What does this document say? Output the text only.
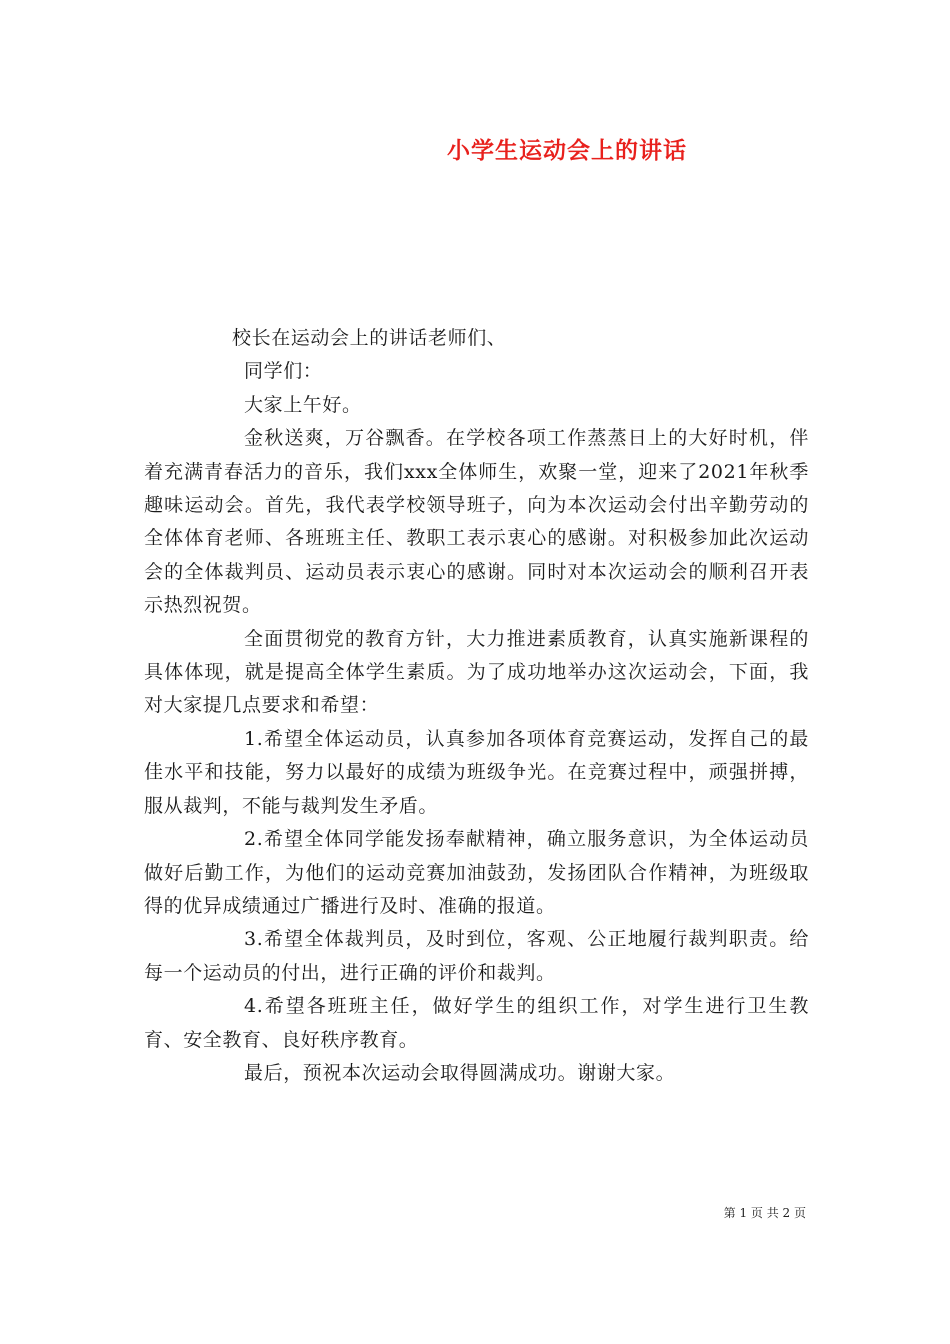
小学生运动会上的讲话

校长在运动会上的讲话老师们、

同学们：

大家上午好。

金秋送爽，万谷飘香。在学校各项工作蒸蒸日上的大好时机，伴着充满青春活力的音乐，我们xxx全体师生，欢聚一堂，迎来了2021年秋季趣味运动会。首先，我代表学校领导班子，向为本次运动会付出辛勤劳动的全体体育老师、各班班主任、教职工表示衷心的感谢。对积极参加此次运动会的全体裁判员、运动员表示衷心的感谢。同时对本次运动会的顺利召开表示热烈祝贺。

全面贯彻党的教育方针，大力推进素质教育，认真实施新课程的具体体现，就是提高全体学生素质。为了成功地举办这次运动会，下面，我对大家提几点要求和希望：

1.希望全体运动员，认真参加各项体育竞赛运动，发挥自己的最佳水平和技能，努力以最好的成绩为班级争光。在竞赛过程中，顽强拼搏，服从裁判，不能与裁判发生矛盾。

2.希望全体同学能发扬奉献精神，确立服务意识，为全体运动员做好后勤工作，为他们的运动竞赛加油鼓劲，发扬团队合作精神，为班级取得的优异成绩通过广播进行及时、准确的报道。

3.希望全体裁判员，及时到位，客观、公正地履行裁判职责。给每一个运动员的付出，进行正确的评价和裁判。

4.希望各班班主任，做好学生的组织工作，对学生进行卫生教育、安全教育、良好秩序教育。

最后，预祝本次运动会取得圆满成功。谢谢大家。

第 1 页 共 2 页
